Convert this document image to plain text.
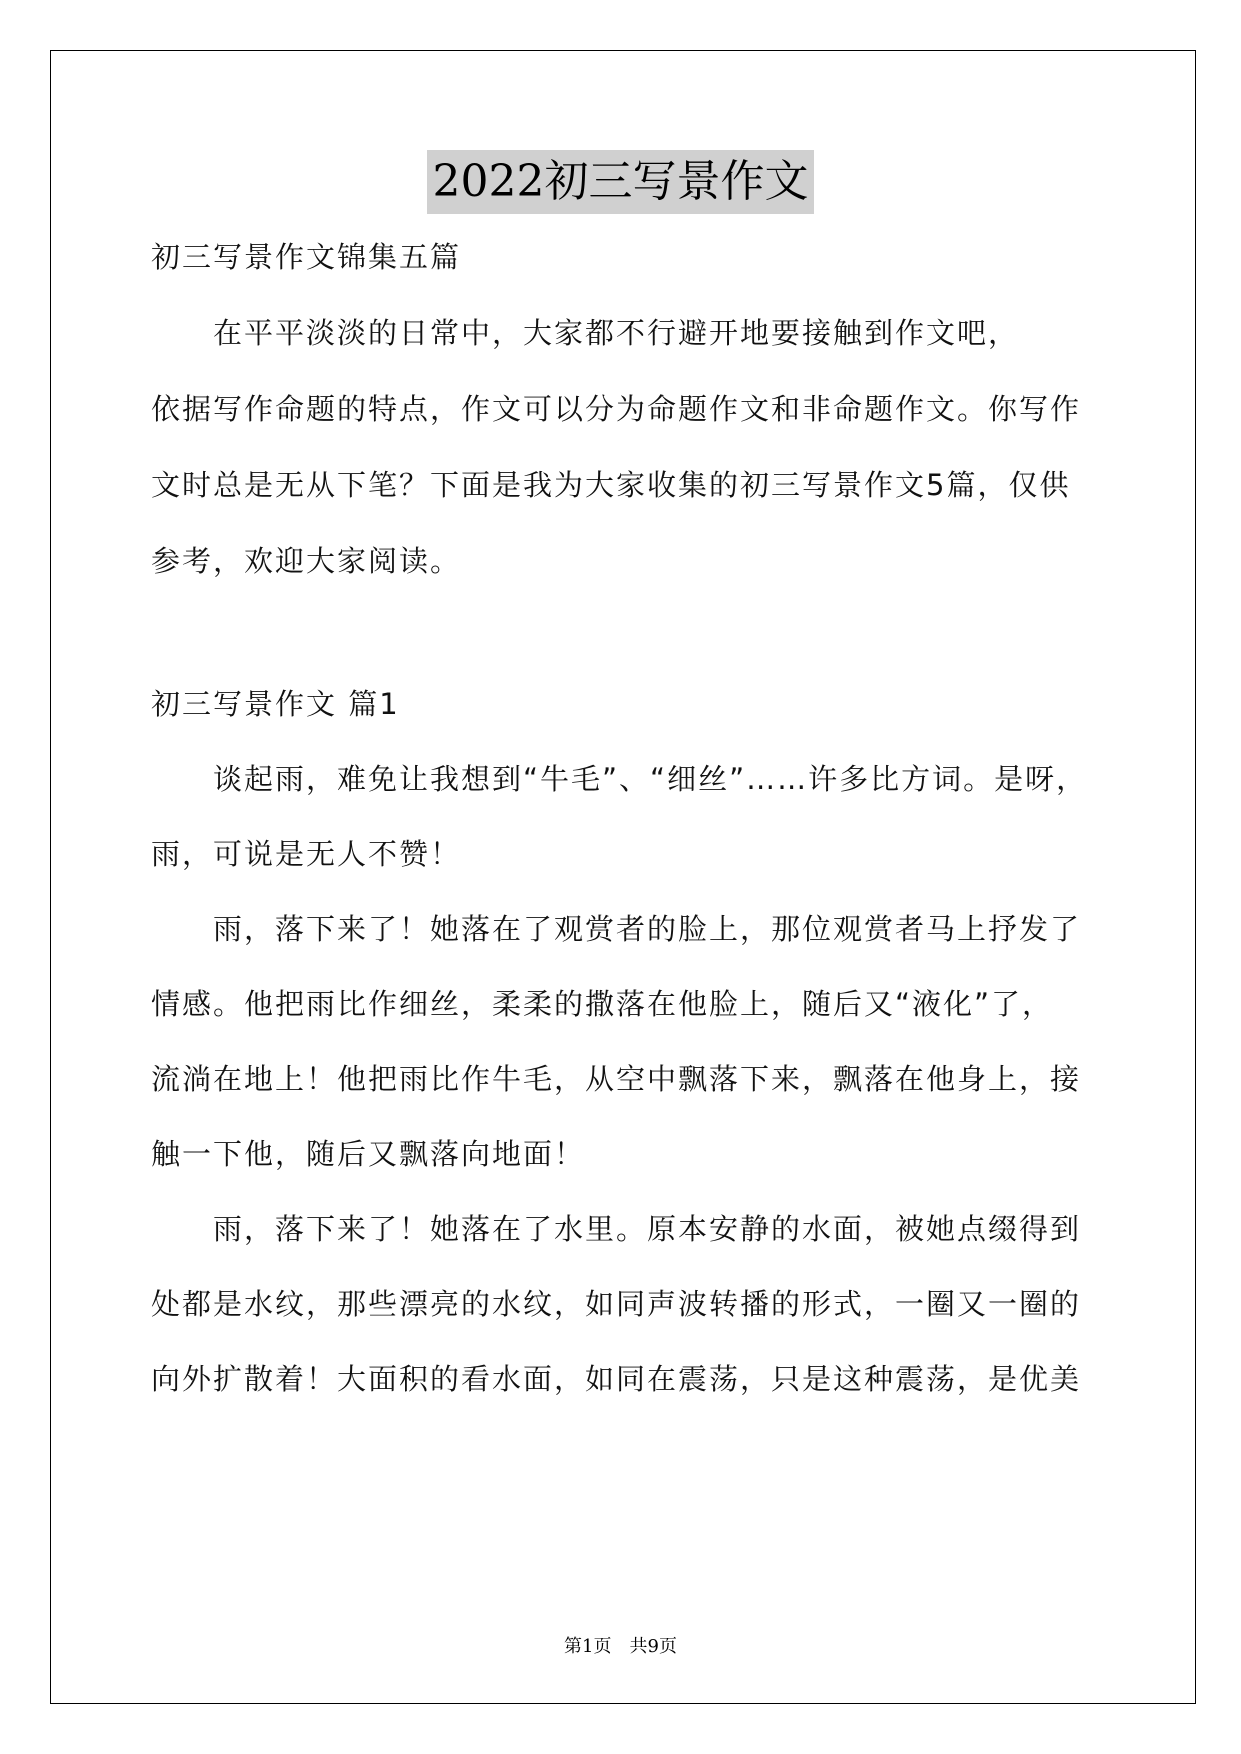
2022初三写景作文
初三写景作文锦集五篇
　　在平平淡淡的日常中，大家都不行避开地要接触到作文吧，
依据写作命题的特点，作文可以分为命题作文和非命题作文。你写作
文时总是无从下笔？下面是我为大家收集的初三写景作文5篇，仅供
参考，欢迎大家阅读。
初三写景作文 篇1
　　谈起雨，难免让我想到“牛毛”、“细丝”……许多比方词。是呀，
雨，可说是无人不赞！
　　雨，落下来了！她落在了观赏者的脸上，那位观赏者马上抒发了
情感。他把雨比作细丝，柔柔的撒落在他脸上，随后又“液化”了，
流淌在地上！他把雨比作牛毛，从空中飘落下来，飘落在他身上，接
触一下他，随后又飘落向地面！
　　雨，落下来了！她落在了水里。原本安静的水面，被她点缀得到
处都是水纹，那些漂亮的水纹，如同声波转播的形式，一圈又一圈的
向外扩散着！大面积的看水面，如同在震荡，只是这种震荡，是优美
第1页　共9页
